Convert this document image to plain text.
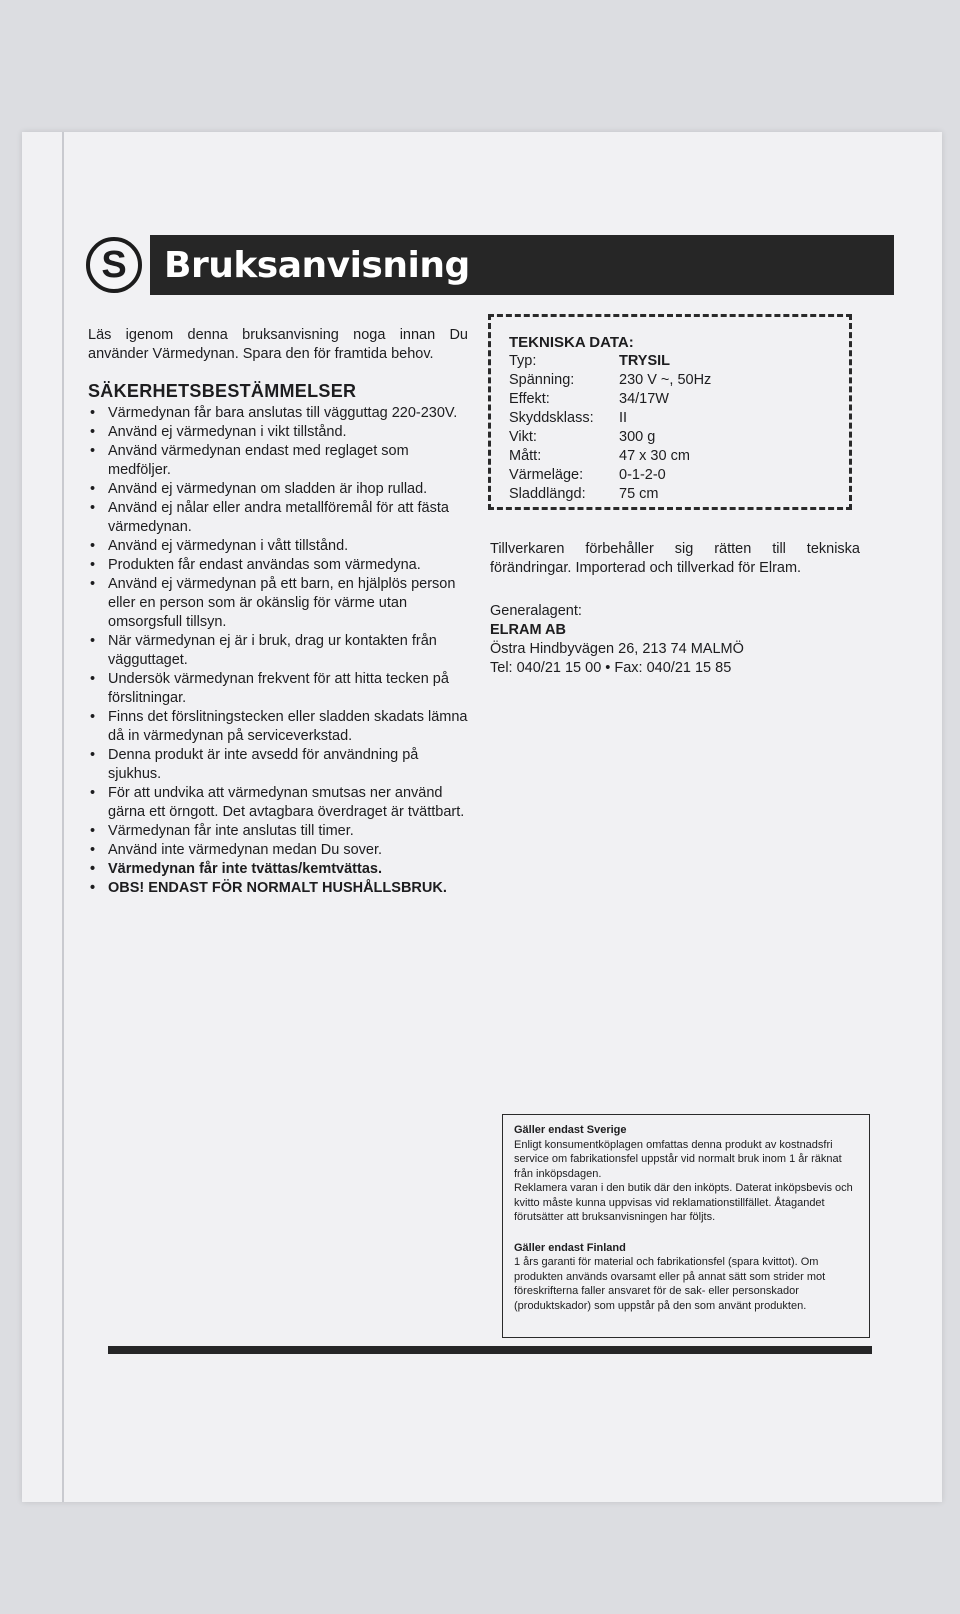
S	Bruksanvisning

Läs igenom denna bruksanvisning noga innan Du använder Värmedynan. Spara den för framtida behov.

SÄKERHETSBESTÄMMELSER
• Värmedynan får bara anslutas till vägguttag 220-230V.
• Använd ej värmedynan i vikt tillstånd.
• Använd värmedynan endast med reglaget som medföljer.
• Använd ej värmedynan om sladden är ihop rullad.
• Använd ej nålar eller andra metallföremål för att fästa värmedynan.
• Använd ej värmedynan i vått tillstånd.
• Produkten får endast användas som värmedyna.
• Använd ej värmedynan på ett barn, en hjälplös person eller en person som är okänslig för värme utan omsorgsfull tillsyn.
• När värmedynan ej är i bruk, drag ur kontakten från vägguttaget.
• Undersök värmedynan frekvent för att hitta tecken på förslitningar.
• Finns det förslitningstecken eller sladden skadats lämna då in värmedynan på serviceverkstad.
• Denna produkt är inte avsedd för användning på sjukhus.
• För att undvika att värmedynan smutsas ner använd gärna ett örngott. Det avtagbara överdraget är tvättbart.
• Värmedynan får inte anslutas till timer.
• Använd inte värmedynan medan Du sover.
• Värmedynan får inte tvättas/kemtvättas.
• OBS! ENDAST FÖR NORMALT HUSHÅLLSBRUK.
TEKNISKA DATA:
Typ:	TRYSIL
Spänning:	230 V ~, 50Hz
Effekt:	34/17W
Skyddsklass:	II
Vikt:	300 g
Mått:	47 x 30 cm
Värmeläge:	0-1-2-0
Sladdlängd:	75 cm

Tillverkaren förbehåller sig rätten till tekniska förändringar. Importerad och tillverkad för Elram.

Generalagent:
ELRAM AB
Östra Hindbyvägen 26, 213 74 MALMÖ
Tel: 040/21 15 00 • Fax: 040/21 15 85
Gäller endast Sverige

Enligt konsumentköplagen omfattas denna produkt av kostnadsfri service om fabrikationsfel uppstår vid normalt bruk inom 1 år räknat från inköpsdagen.

Reklamera varan i den butik där den inköpts. Daterat inköpsbevis och kvitto måste kunna uppvisas vid reklamationstillfället. Åtagandet förutsätter att bruksanvisningen har följts.

Gäller endast Finland

1 års garanti för material och fabrikationsfel (spara kvittot). Om produkten används ovarsamt eller på annat sätt som strider mot föreskrifterna faller ansvaret för de sak- eller personskador (produktskador) som uppstår på den som använt produkten.
